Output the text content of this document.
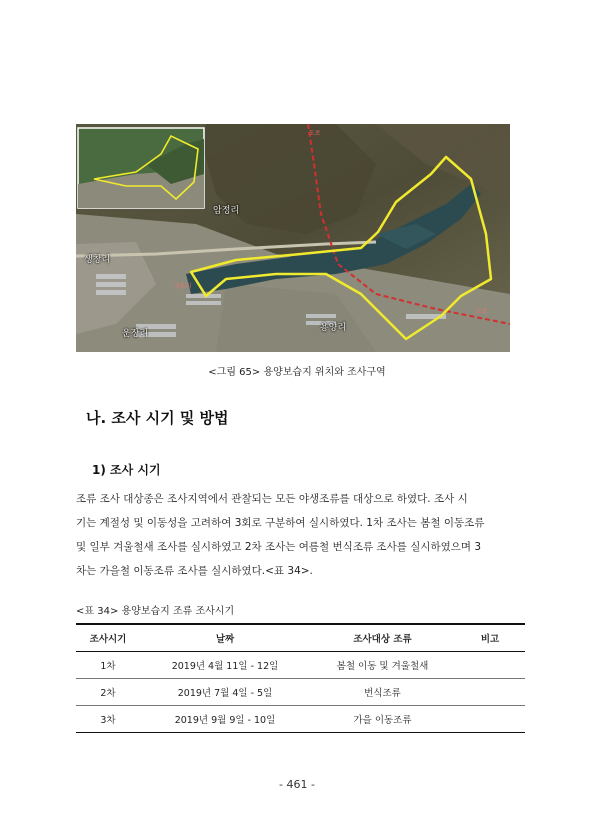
암정리
생창리
운장리
용양리
국도지
도로
도로
<그림 65> 용양보습지 위치와 조사구역
나. 조사 시기 및 방법
1) 조사 시기
조류 조사 대상종은 조사지역에서 관찰되는 모든 야생조류를 대상으로 하였다. 조사 시
기는 계절성 및 이동성을 고려하여 3회로 구분하여 실시하였다. 1차 조사는 봄철 이동조류
및 일부 겨울철새 조사를 실시하였고 2차 조사는 여름철 번식조류 조사를 실시하였으며 3
차는 가을철 이동조류 조사를 실시하였다.<표 34>.
<표 34> 용양보습지 조류 조사시기
조사시기	날짜	조사대상 조류	비고
1차	2019년 4월 11일 - 12일	봄철 이동 및 겨울철새	
2차	2019년 7월 4일 - 5일	번식조류	
3차	2019년 9월 9일 - 10일	가을 이동조류	
- 461 -
